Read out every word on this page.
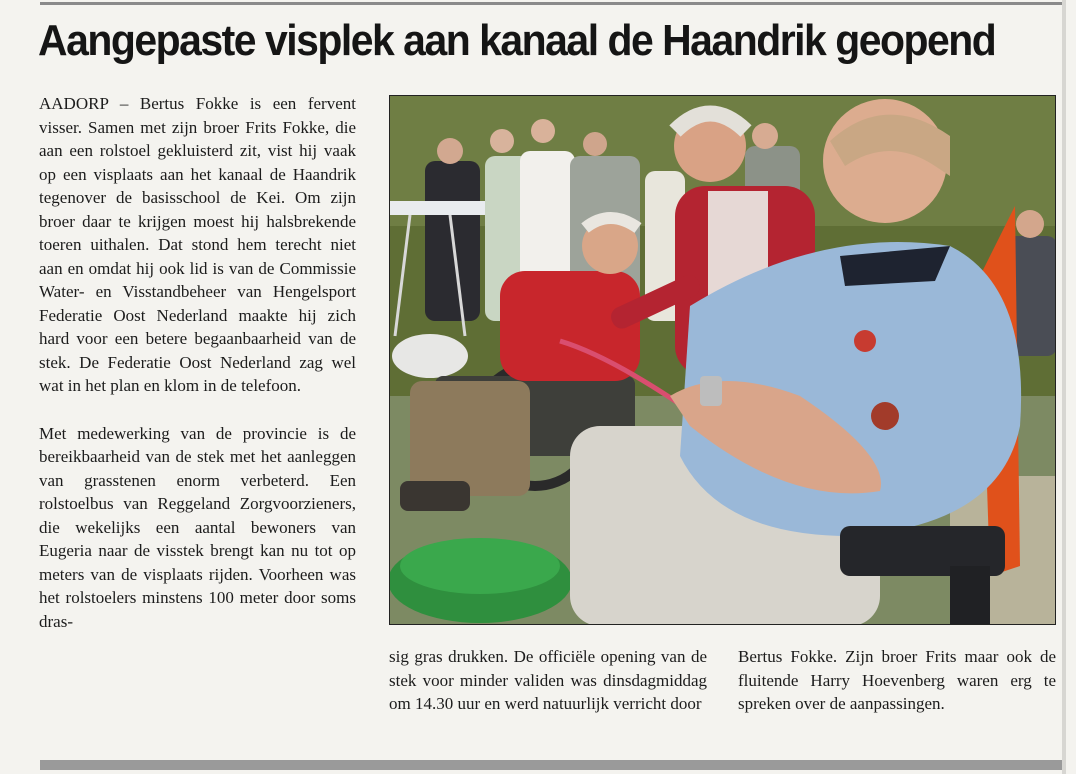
Aangepaste visplek aan kanaal de Haandrik geopend

AADORP – Bertus Fokke is een fervent visser. Samen met zijn broer Frits Fokke, die aan een rolstoel gekluisterd zit, vist hij vaak op een visplaats aan het kanaal de Haandrik tegenover de basisschool de Kei. Om zijn broer daar te krijgen moest hij halsbrekende toeren uithalen. Dat stond hem terecht niet aan en omdat hij ook lid is van de Commissie Water- en Visstandbeheer van Hengelsport Federatie Oost Nederland maakte hij zich hard voor een betere begaanbaarheid van de stek. De Federatie Oost Nederland zag wel wat in het plan en klom in de telefoon.

Met medewerking van de provincie is de bereikbaarheid van de stek met het aanleggen van grasstenen enorm verbeterd. Een rolstoelbus van Reggeland Zorgvoorzieners, die wekelijks een aantal bewoners van Eugeria naar de visstek brengt kan nu tot op meters van de visplaats rijden. Voorheen was het rolstoelers minstens 100 meter door soms dras-

sig gras drukken. De officiële opening van de stek voor minder validen was dinsdagmiddag om 14.30 uur en werd natuurlijk verricht door

Bertus Fokke. Zijn broer Frits maar ook de fluitende Harry Hoevenberg waren erg te spreken over de aanpassingen.
